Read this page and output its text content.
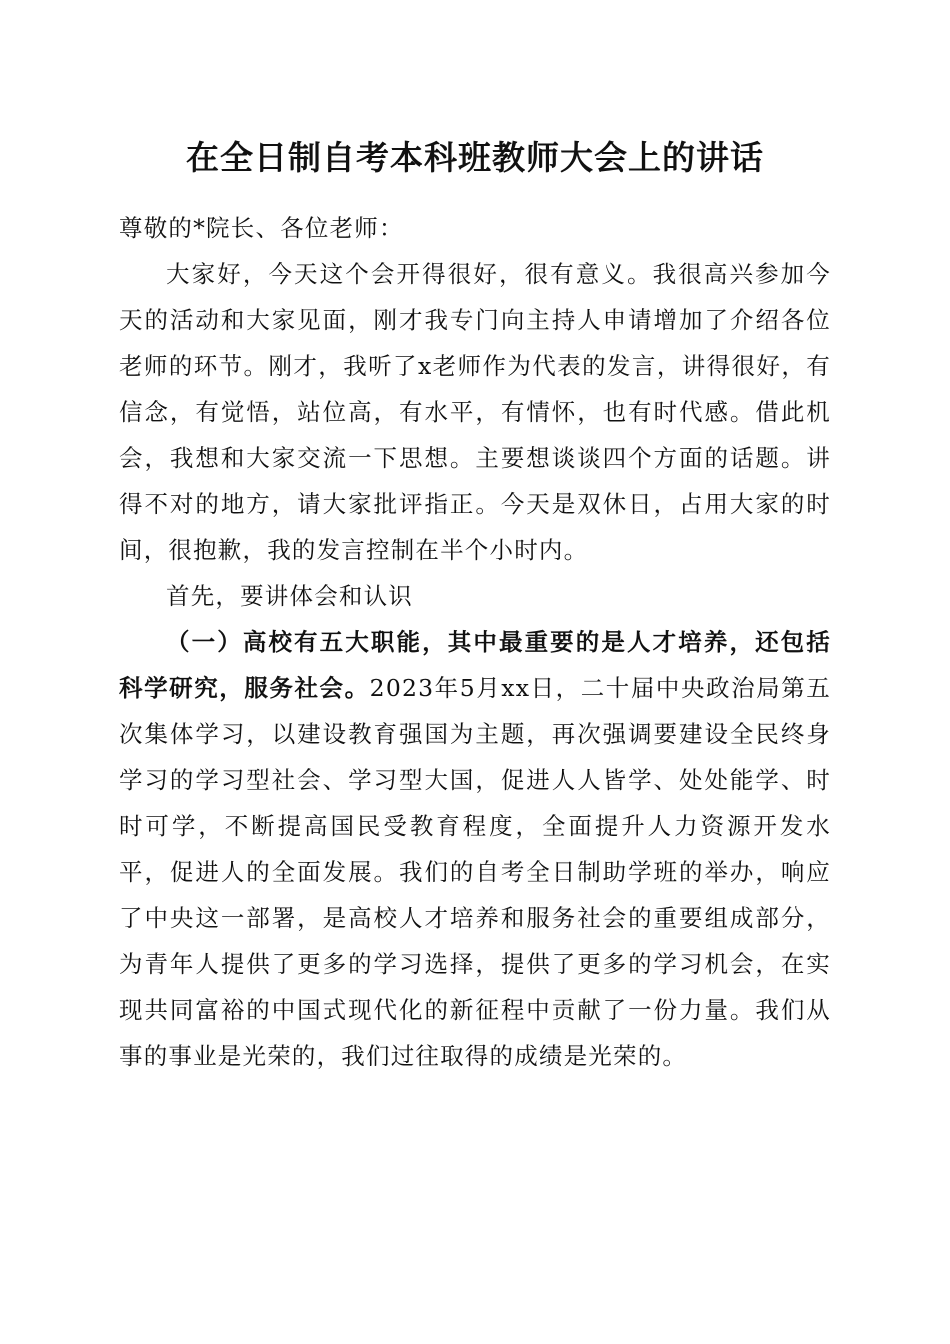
在全日制自考本科班教师大会上的讲话

尊敬的*院长、各位老师：

大家好，今天这个会开得很好，很有意义。我很高兴参加今天的活动和大家见面，刚才我专门向主持人申请增加了介绍各位老师的环节。刚才，我听了x老师作为代表的发言，讲得很好，有信念，有觉悟，站位高，有水平，有情怀，也有时代感。借此机会，我想和大家交流一下思想。主要想谈谈四个方面的话题。讲得不对的地方，请大家批评指正。今天是双休日，占用大家的时间，很抱歉，我的发言控制在半个小时内。

首先，要讲体会和认识

（一）高校有五大职能，其中最重要的是人才培养，还包括科学研究，服务社会。2023年5月xx日，二十届中央政治局第五次集体学习，以建设教育强国为主题，再次强调要建设全民终身学习的学习型社会、学习型大国，促进人人皆学、处处能学、时时可学，不断提高国民受教育程度，全面提升人力资源开发水平，促进人的全面发展。我们的自考全日制助学班的举办，响应了中央这一部署，是高校人才培养和服务社会的重要组成部分，为青年人提供了更多的学习选择，提供了更多的学习机会，在实现共同富裕的中国式现代化的新征程中贡献了一份力量。我们从事的事业是光荣的，我们过往取得的成绩是光荣的。
